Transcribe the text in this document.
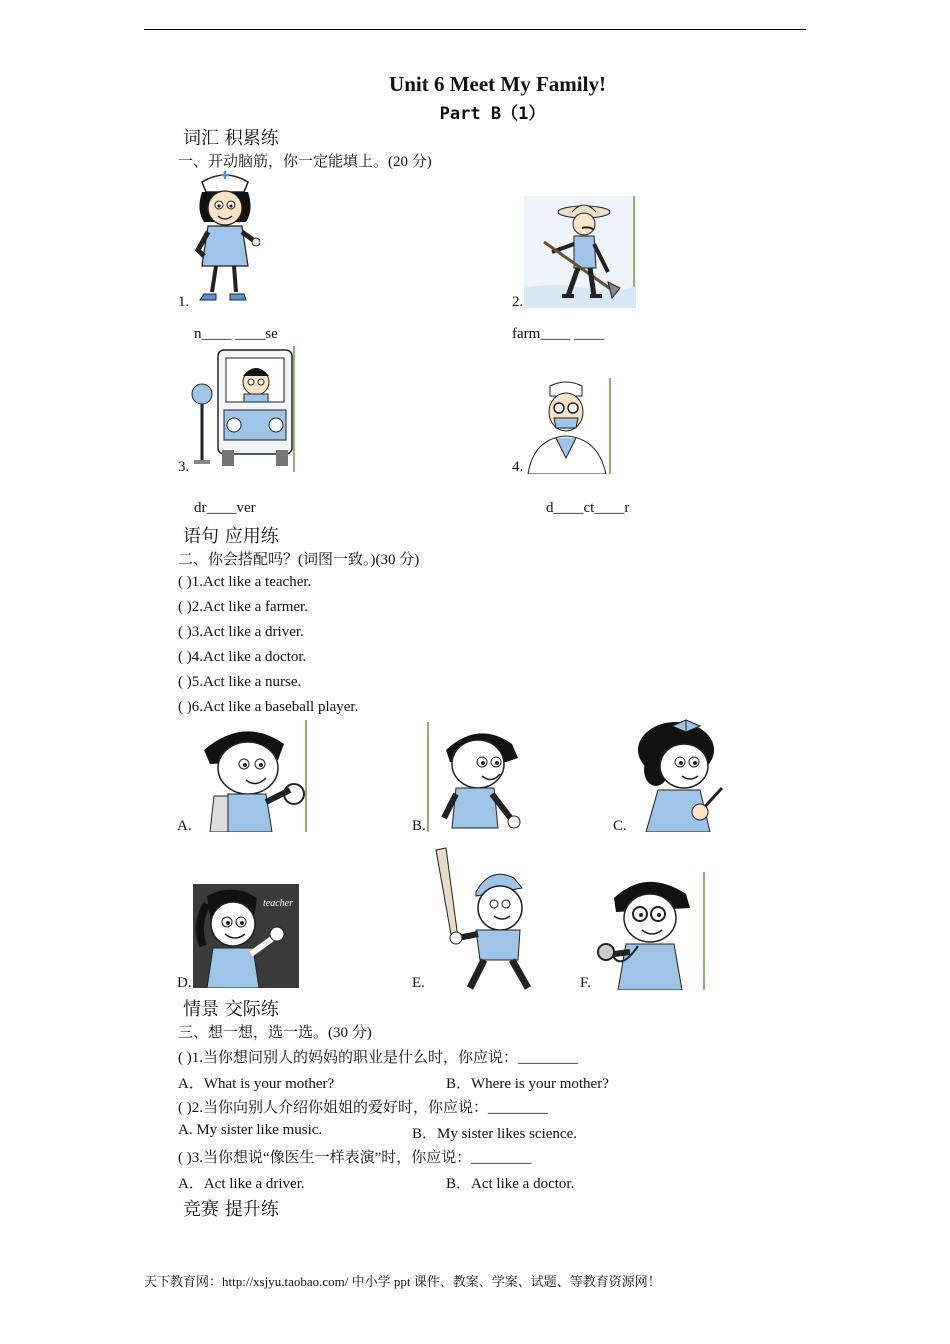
Unit 6 Meet My Family!
Part B（1）
词汇 积累练
一、开动脑筋，你一定能填上。(20 分)
1.
n____ ____se
2.
farm____ ____
3.
dr____ver
4.
d____ct____r
语句 应用练
二、你会搭配吗？(词图一致。)(30 分)
( )1.Act like a teacher.
( )2.Act like a farmer.
( )3.Act like a driver.
( )4.Act like a doctor.
( )5.Act like a nurse.
( )6.Act like a baseball player.
A.	B.	C.
teacher
D.	E.	F.
情景 交际练
三、想一想，选一选。(30 分)
( )1.当你想问别人的妈妈的职业是什么时，你应说：________
A．What is your mother?	B．Where is your mother?
( )2.当你向别人介绍你姐姐的爱好时，你应说：________
A. My sister like music.	B．My sister likes science.
( )3.当你想说“像医生一样表演”时，你应说：________
A．Act like a driver.	B．Act like a doctor.
竞赛 提升练
天下教育网：http://xsjyu.taobao.com/ 中小学 ppt 课件、教案、学案、试题、等教育资源网！
